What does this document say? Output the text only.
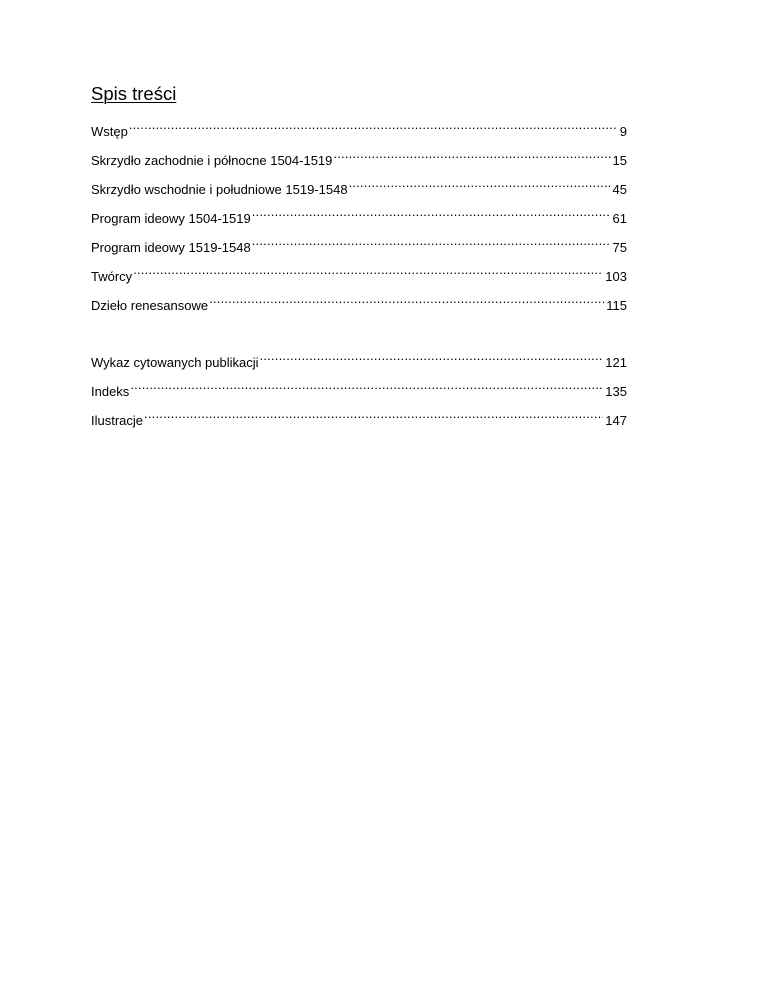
Spis treści
Wstęp .....	9
Skrzydło zachodnie i północne 1504-1519 .....	15
Skrzydło wschodnie i południowe 1519-1548 .....	45
Program ideowy 1504-1519 .....	61
Program ideowy 1519-1548 .....	75
Twórcy .....	103
Dzieło renesansowe .....	115
Wykaz cytowanych publikacji .....	121
Indeks .....	135
Ilustracje .....	147
